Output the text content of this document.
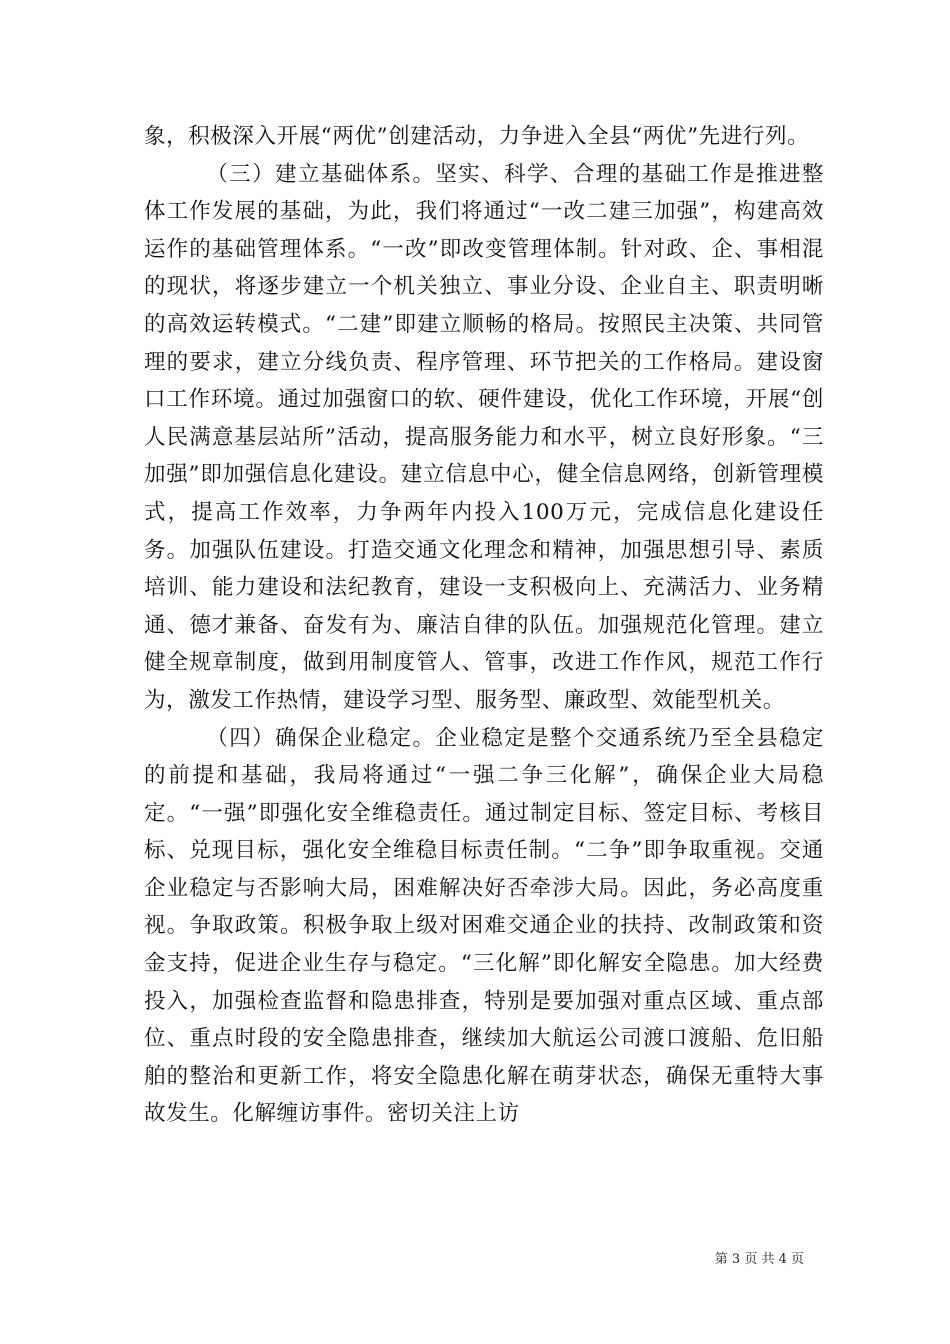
象，积极深入开展“两优”创建活动，力争进入全县“两优”先进行列。

（三）建立基础体系。坚实、科学、合理的基础工作是推进整体工作发展的基础，为此，我们将通过“一改二建三加强”，构建高效运作的基础管理体系。“一改”即改变管理体制。针对政、企、事相混的现状，将逐步建立一个机关独立、事业分设、企业自主、职责明晰的高效运转模式。“二建”即建立顺畅的格局。按照民主决策、共同管理的要求，建立分线负责、程序管理、环节把关的工作格局。建设窗口工作环境。通过加强窗口的软、硬件建设，优化工作环境，开展“创人民满意基层站所”活动，提高服务能力和水平，树立良好形象。“三加强”即加强信息化建设。建立信息中心，健全信息网络，创新管理模式，提高工作效率，力争两年内投入100万元，完成信息化建设任务。加强队伍建设。打造交通文化理念和精神，加强思想引导、素质培训、能力建设和法纪教育，建设一支积极向上、充满活力、业务精通、德才兼备、奋发有为、廉洁自律的队伍。加强规范化管理。建立健全规章制度，做到用制度管人、管事，改进工作作风，规范工作行为，激发工作热情，建设学习型、服务型、廉政型、效能型机关。

（四）确保企业稳定。企业稳定是整个交通系统乃至全县稳定的前提和基础，我局将通过“一强二争三化解”，确保企业大局稳定。“一强”即强化安全维稳责任。通过制定目标、签定目标、考核目标、兑现目标，强化安全维稳目标责任制。“二争”即争取重视。交通企业稳定与否影响大局，困难解决好否牵涉大局。因此，务必高度重视。争取政策。积极争取上级对困难交通企业的扶持、改制政策和资金支持，促进企业生存与稳定。“三化解”即化解安全隐患。加大经费投入，加强检查监督和隐患排查，特别是要加强对重点区域、重点部位、重点时段的安全隐患排查，继续加大航运公司渡口渡船、危旧船舶的整治和更新工作，将安全隐患化解在萌芽状态，确保无重特大事故发生。化解缠访事件。密切关注上访

第 3 页 共 4 页
